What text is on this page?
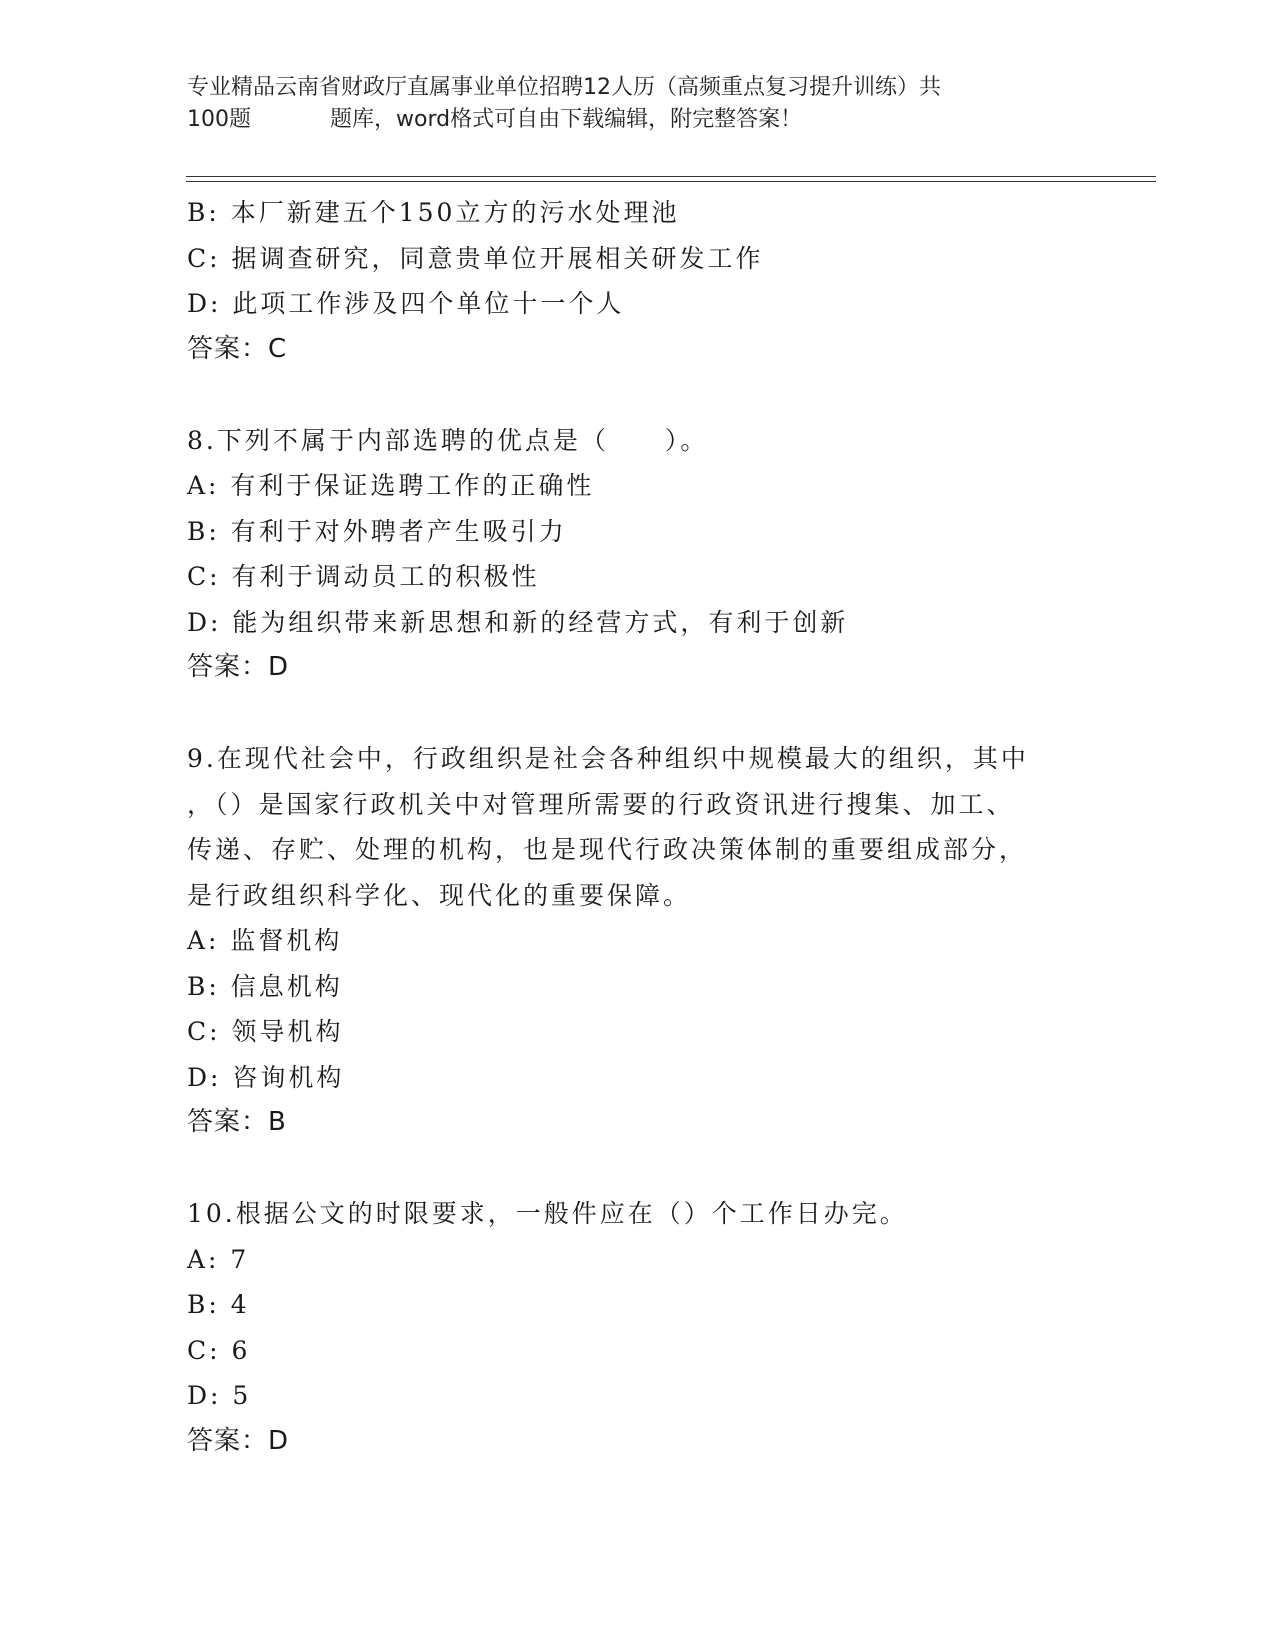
专业精品云南省财政厅直属事业单位招聘12人历（高频重点复习提升训练）共
100题	题库，word格式可自由下载编辑，附完整答案！
B: 本厂新建五个150立方的污水处理池
C: 据调查研究，同意贵单位开展相关研发工作
D: 此项工作涉及四个单位十一个人
答案：C
8.下列不属于内部选聘的优点是（　　）。
A: 有利于保证选聘工作的正确性
B: 有利于对外聘者产生吸引力
C: 有利于调动员工的积极性
D: 能为组织带来新思想和新的经营方式，有利于创新
答案：D
9.在现代社会中，行政组织是社会各种组织中规模最大的组织，其中
，（）是国家行政机关中对管理所需要的行政资讯进行搜集、加工、
传递、存贮、处理的机构，也是现代行政决策体制的重要组成部分，
是行政组织科学化、现代化的重要保障。
A: 监督机构
B: 信息机构
C: 领导机构
D: 咨询机构
答案：B
10.根据公文的时限要求，一般件应在（）个工作日办完。
A: 7
B: 4
C: 6
D: 5
答案：D
